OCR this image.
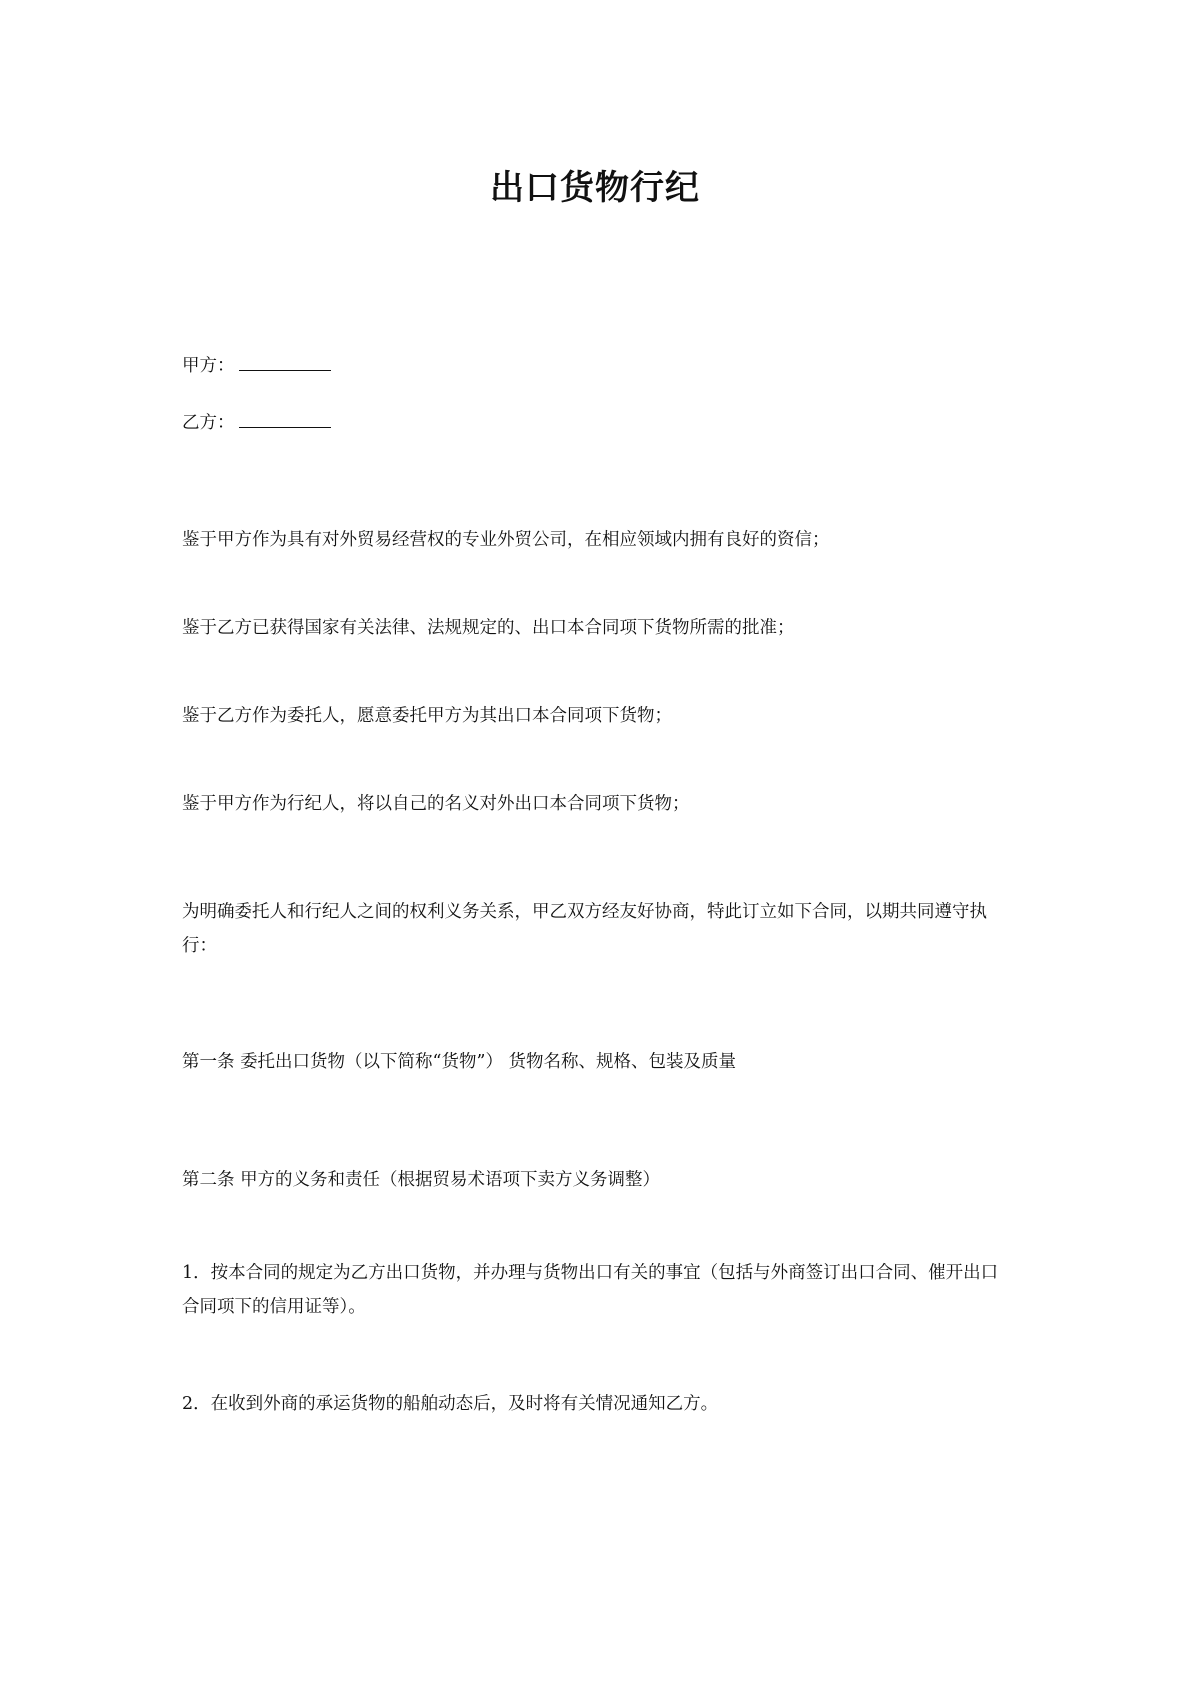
出口货物行纪
甲方：
乙方：
鉴于甲方作为具有对外贸易经营权的专业外贸公司，在相应领域内拥有良好的资信；
鉴于乙方已获得国家有关法律、法规规定的、出口本合同项下货物所需的批准；
鉴于乙方作为委托人，愿意委托甲方为其出口本合同项下货物；
鉴于甲方作为行纪人，将以自己的名义对外出口本合同项下货物；
为明确委托人和行纪人之间的权利义务关系，甲乙双方经友好协商，特此订立如下合同，以期共同遵守执行：
第一条 委托出口货物（以下简称“货物”） 货物名称、规格、包装及质量
第二条 甲方的义务和责任（根据贸易术语项下卖方义务调整）
1．按本合同的规定为乙方出口货物，并办理与货物出口有关的事宜（包括与外商签订出口合同、催开出口合同项下的信用证等）。
2．在收到外商的承运货物的船舶动态后，及时将有关情况通知乙方。
